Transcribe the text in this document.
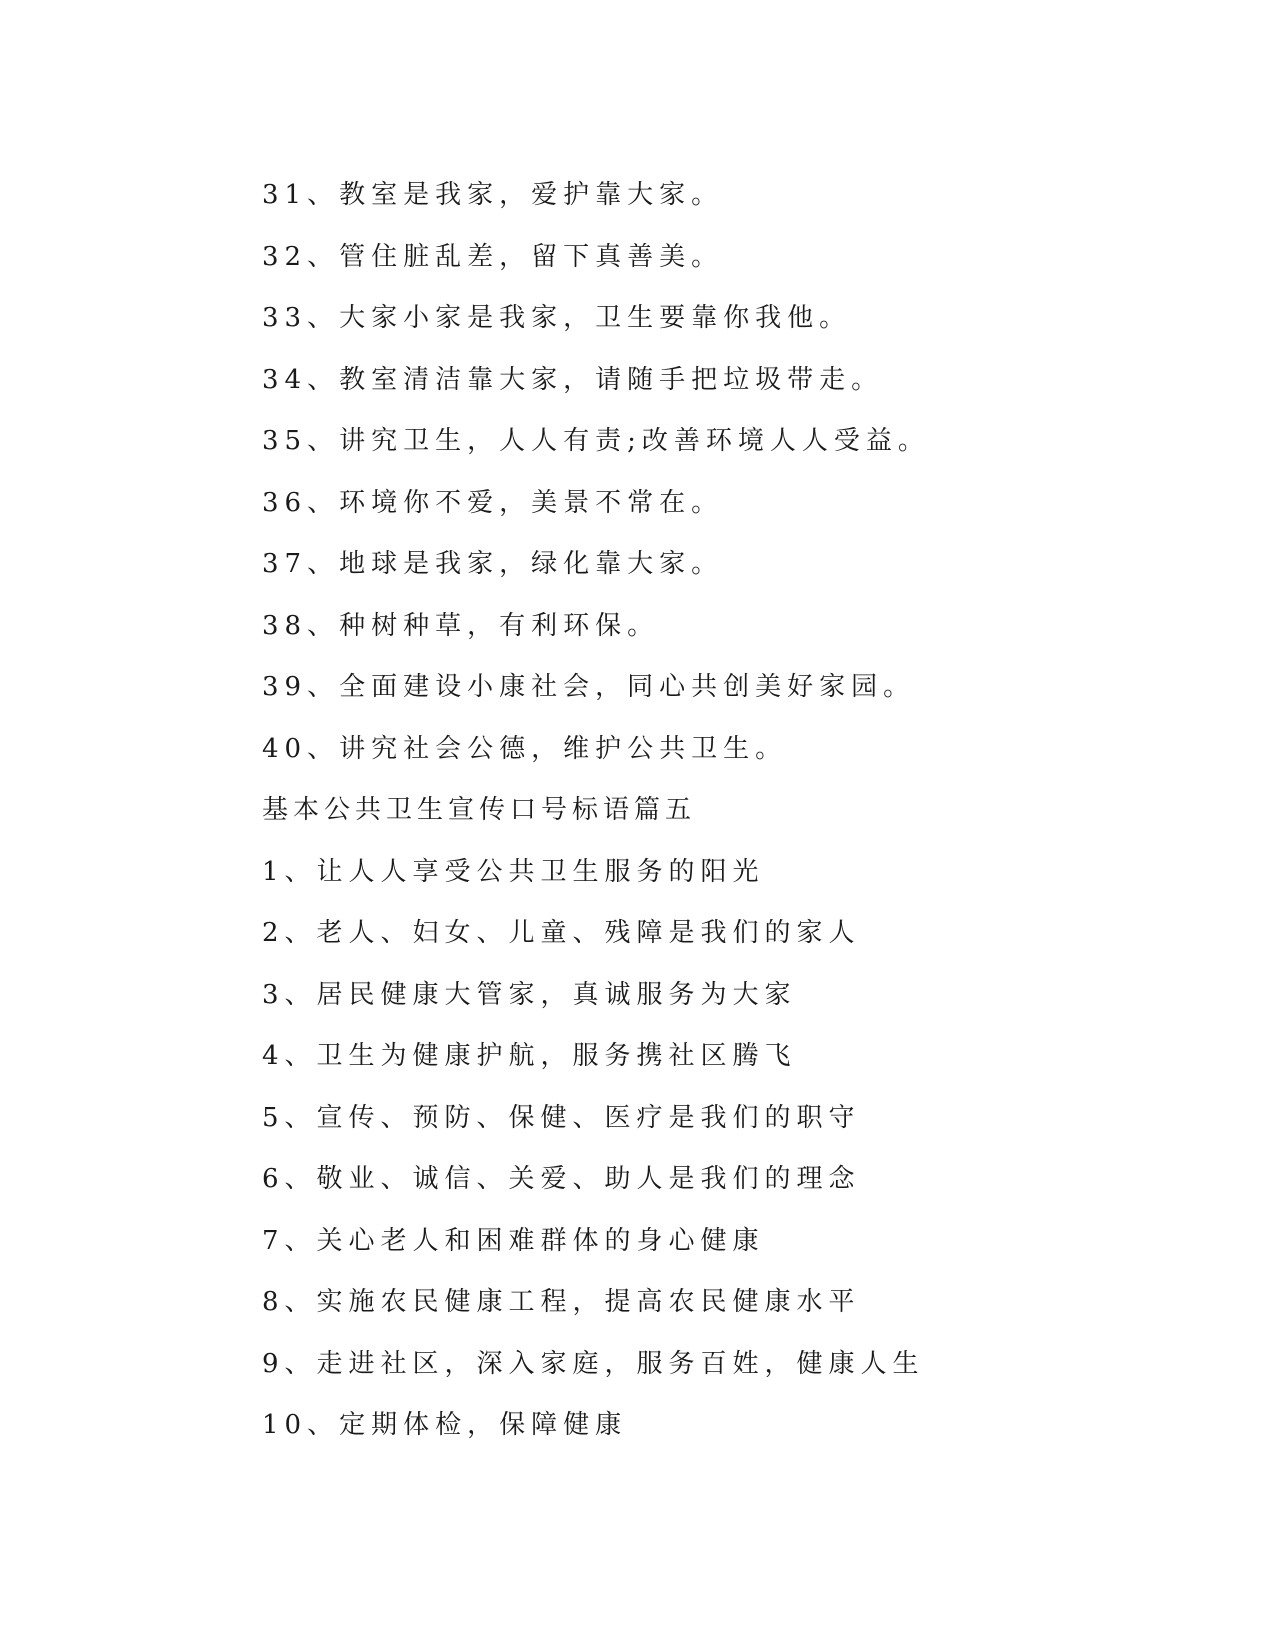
31、教室是我家，爱护靠大家。
32、管住脏乱差，留下真善美。
33、大家小家是我家，卫生要靠你我他。
34、教室清洁靠大家，请随手把垃圾带走。
35、讲究卫生，人人有责;改善环境人人受益。
36、环境你不爱，美景不常在。
37、地球是我家，绿化靠大家。
38、种树种草，有利环保。
39、全面建设小康社会，同心共创美好家园。
40、讲究社会公德，维护公共卫生。
基本公共卫生宣传口号标语篇五
1、让人人享受公共卫生服务的阳光
2、老人、妇女、儿童、残障是我们的家人
3、居民健康大管家，真诚服务为大家
4、卫生为健康护航，服务携社区腾飞
5、宣传、预防、保健、医疗是我们的职守
6、敬业、诚信、关爱、助人是我们的理念
7、关心老人和困难群体的身心健康
8、实施农民健康工程，提高农民健康水平
9、走进社区，深入家庭，服务百姓，健康人生
10、定期体检，保障健康
